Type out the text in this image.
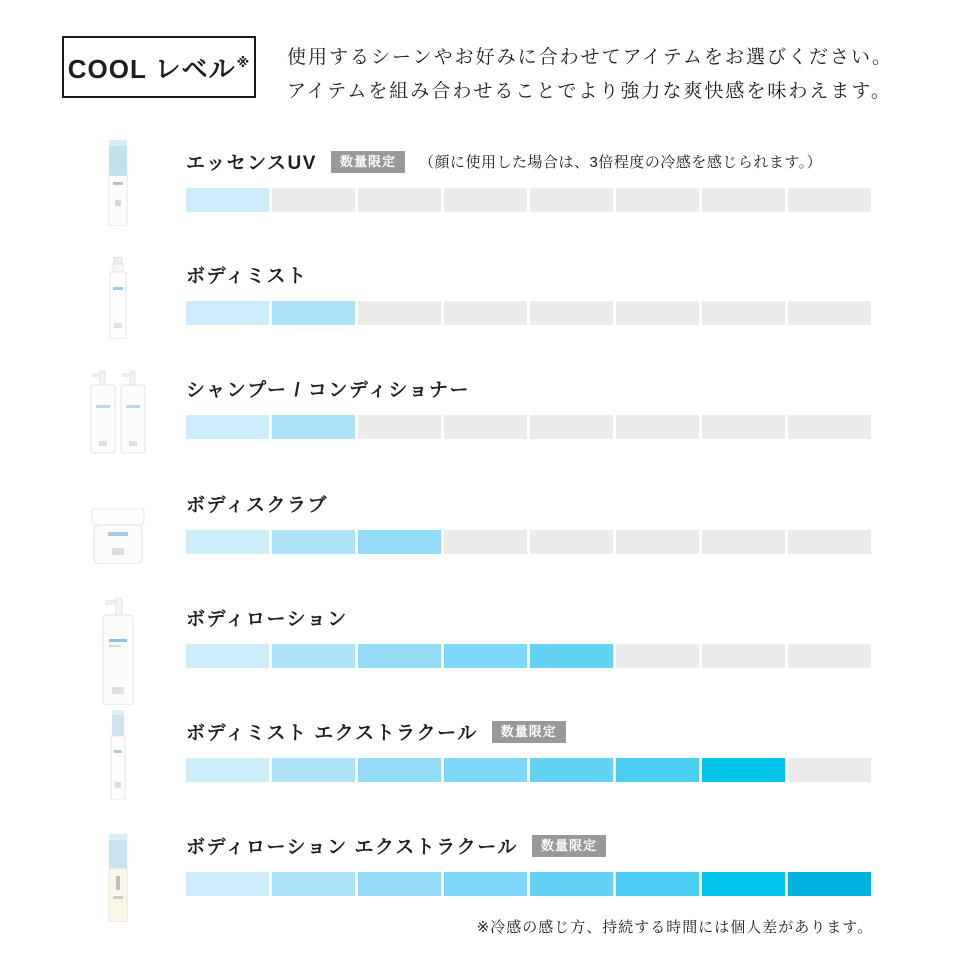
COOL レベル※ 使用するシーンやお好みに合わせてアイテムをお選びください。
アイテムを組み合わせることでより強力な爽快感を味わえます。
エッセンスUV	数量限定	（顔に使用した場合は、3倍程度の冷感を感じられます。）
ボディミスト
シャンプー / コンディショナー
ボディスクラブ
ボディローション
ボディミスト エクストラクール	数量限定
ボディローション エクストラクール	数量限定
※冷感の感じ方、持続する時間には個人差があります。
